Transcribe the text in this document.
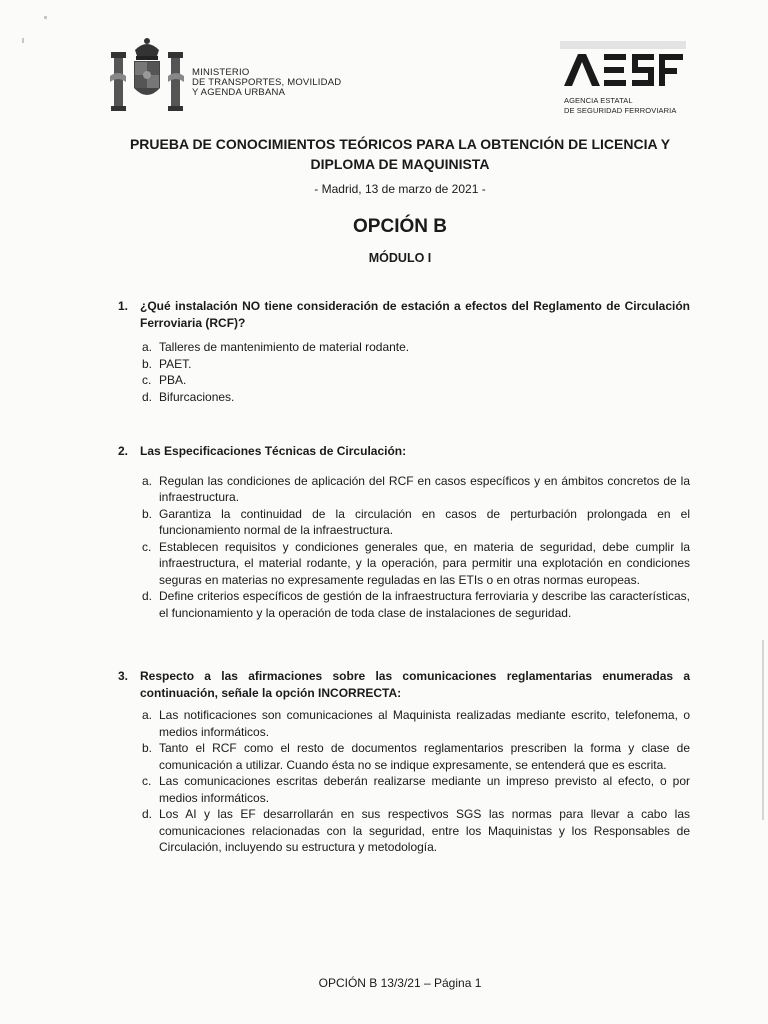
MINISTERIO
DE TRANSPORTES, MOVILIDAD
Y AGENDA URBANA
AGENCIA ESTATAL
DE SEGURIDAD FERROVIARIA
PRUEBA DE CONOCIMIENTOS TEÓRICOS PARA LA OBTENCIÓN DE LICENCIA Y
DIPLOMA DE MAQUINISTA
- Madrid, 13 de marzo de 2021 -
OPCIÓN B
MÓDULO I
1. ¿Qué instalación NO tiene consideración de estación a efectos del Reglamento de Circulación Ferroviaria (RCF)?
a. Talleres de mantenimiento de material rodante.
b. PAET.
c. PBA.
d. Bifurcaciones.
2. Las Especificaciones Técnicas de Circulación:
a. Regulan las condiciones de aplicación del RCF en casos específicos y en ámbitos concretos de la infraestructura.
b. Garantiza la continuidad de la circulación en casos de perturbación prolongada en el funcionamiento normal de la infraestructura.
c. Establecen requisitos y condiciones generales que, en materia de seguridad, debe cumplir la infraestructura, el material rodante, y la operación, para permitir una explotación en condiciones seguras en materias no expresamente reguladas en las ETIs o en otras normas europeas.
d. Define criterios específicos de gestión de la infraestructura ferroviaria y describe las características, el funcionamiento y la operación de toda clase de instalaciones de seguridad.
3. Respecto a las afirmaciones sobre las comunicaciones reglamentarias enumeradas a continuación, señale la opción INCORRECTA:
a. Las notificaciones son comunicaciones al Maquinista realizadas mediante escrito, telefonema, o medios informáticos.
b. Tanto el RCF como el resto de documentos reglamentarios prescriben la forma y clase de comunicación a utilizar. Cuando ésta no se indique expresamente, se entenderá que es escrita.
c. Las comunicaciones escritas deberán realizarse mediante un impreso previsto al efecto, o por medios informáticos.
d. Los AI y las EF desarrollarán en sus respectivos SGS las normas para llevar a cabo las comunicaciones relacionadas con la seguridad, entre los Maquinistas y los Responsables de Circulación, incluyendo su estructura y metodología.
OPCIÓN B 13/3/21 – Página 1
